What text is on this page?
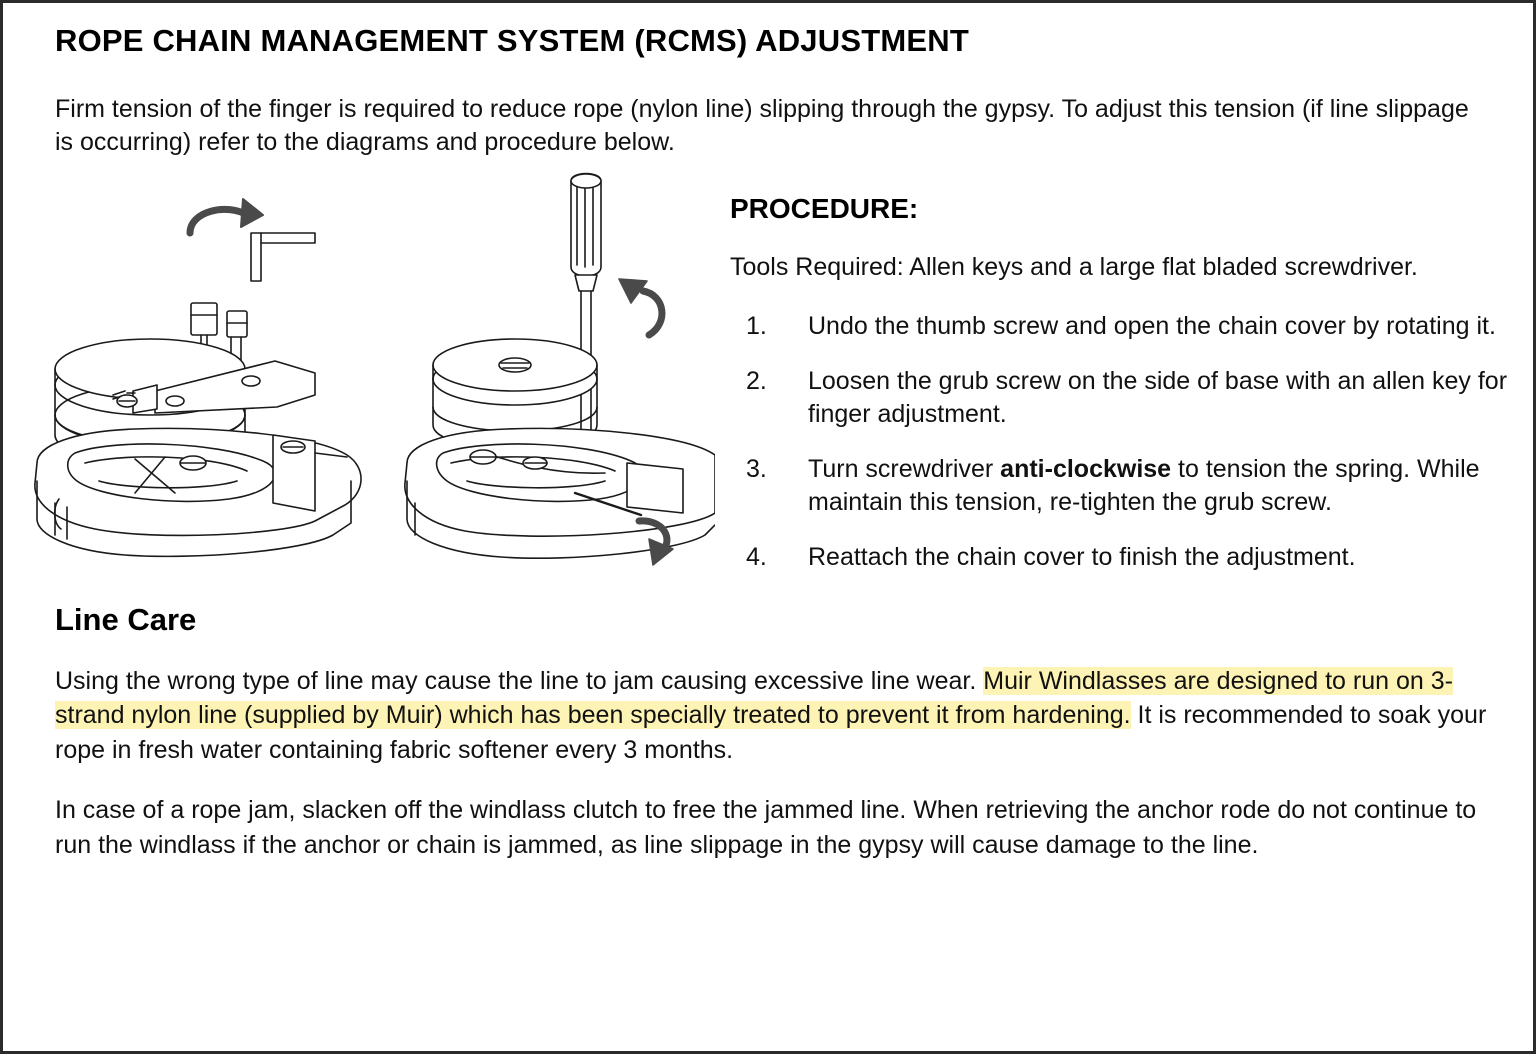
ROPE CHAIN MANAGEMENT SYSTEM (RCMS) ADJUSTMENT

Firm tension of the finger is required to reduce rope (nylon line) slipping through the gypsy. To adjust this tension (if line slippage is occurring) refer to the diagrams and procedure below.

PROCEDURE:

Tools Required: Allen keys and a large flat bladed screwdriver.

Undo the thumb screw and open the chain cover by rotating it.
Loosen the grub screw on the side of base with an allen key for finger adjustment.
Turn screwdriver anti-clockwise to tension the spring. While maintain this tension, re-tighten the grub screw.
Reattach the chain cover to finish the adjustment.
Line Care

Using the wrong type of line may cause the line to jam causing excessive line wear. Muir Windlasses are designed to run on 3-strand nylon line (supplied by Muir) which has been specially treated to prevent it from hardening. It is recommended to soak your rope in fresh water containing fabric softener every 3 months.

In case of a rope jam, slacken off the windlass clutch to free the jammed line. When retrieving the anchor rode do not continue to run the windlass if the anchor or chain is jammed, as line slippage in the gypsy will cause damage to the line.
